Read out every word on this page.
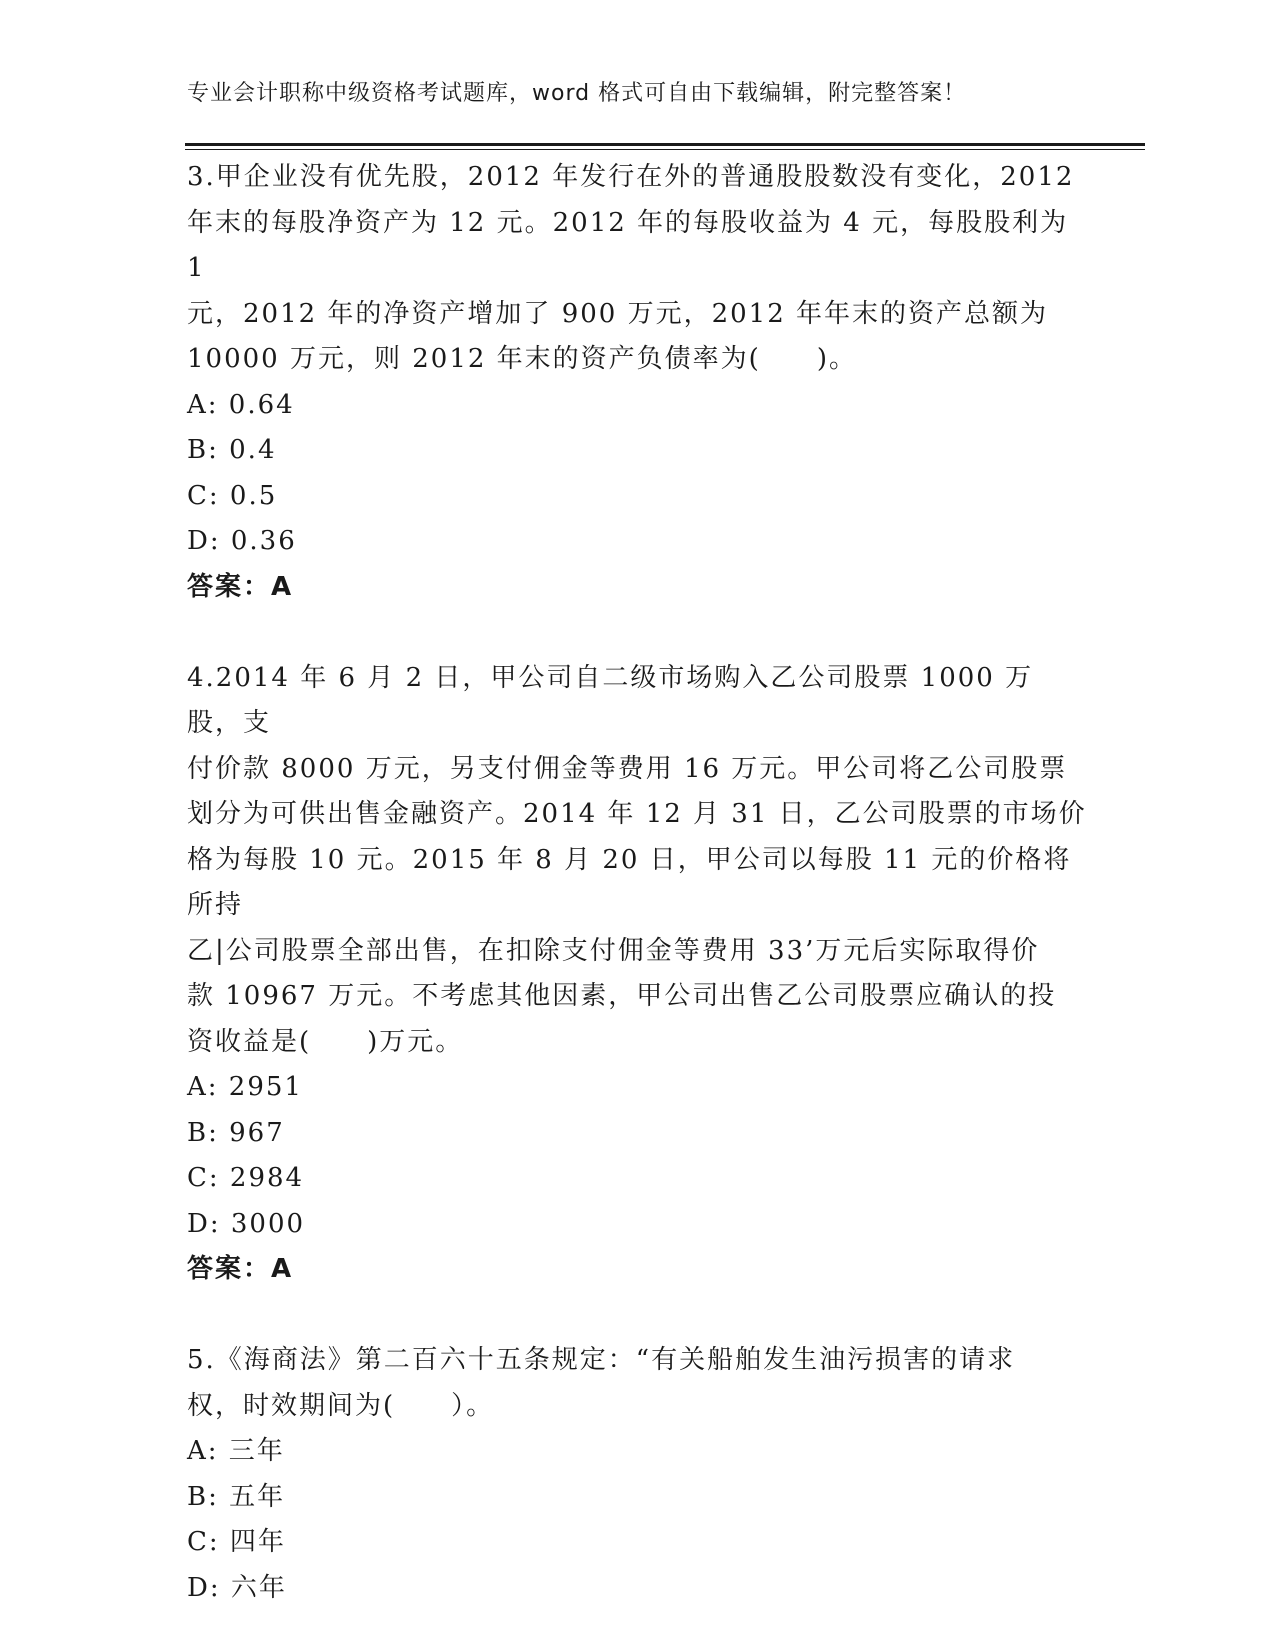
专业会计职称中级资格考试题库，word 格式可自由下载编辑，附完整答案！

3.甲企业没有优先股，2012 年发行在外的普通股股数没有变化，2012

年末的每股净资产为 12 元。2012 年的每股收益为 4 元，每股股利为 1

元，2012 年的净资产增加了 900 万元，2012 年年末的资产总额为

10000 万元，则 2012 年末的资产负债率为(　　)。

A: 0.64

B: 0.4

C: 0.5

D: 0.36

答案：A

4.2014 年 6 月 2 日，甲公司自二级市场购入乙公司股票 1000 万股，支

付价款 8000 万元，另支付佣金等费用 16 万元。甲公司将乙公司股票

划分为可供出售金融资产。2014 年 12 月 31 日，乙公司股票的市场价

格为每股 10 元。2015 年 8 月 20 日，甲公司以每股 11 元的价格将所持

乙|公司股票全部出售，在扣除支付佣金等费用 33’万元后实际取得价

款 10967 万元。不考虑其他因素，甲公司出售乙公司股票应确认的投

资收益是(　　)万元。

A: 2951

B: 967

C: 2984

D: 3000

答案：A

5.《海商法》第二百六十五条规定：“有关船舶发生油污损害的请求

权，时效期间为(　　）。

A: 三年

B: 五年

C: 四年

D: 六年
